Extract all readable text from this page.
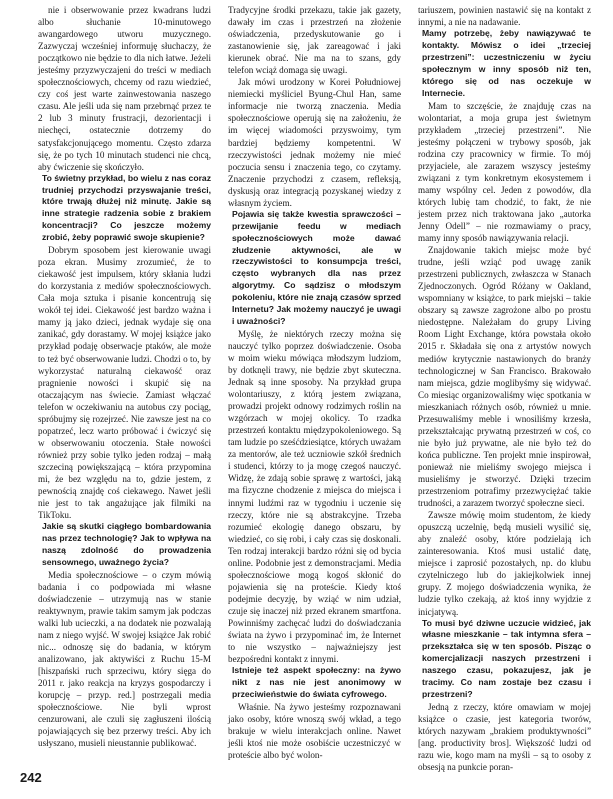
nie i obserwowanie przez kwadrans ludzi albo słuchanie 10-minutowego awangardowego utworu muzycznego. Zazwyczaj wcześniej informuję słuchaczy, że początkowo nie będzie to dla nich łatwe. Jeżeli jesteśmy przyzwyczajeni do treści w mediach społecznościowych, chcemy od razu wiedzieć, czy coś jest warte zainwestowania naszego czasu. Ale jeśli uda się nam przebrnąć przez te 2 lub 3 minuty frustracji, dezorientacji i niechęci, ostatecznie dotrzemy do satysfakcjonującego momentu. Często zdarza się, że po tych 10 minutach studenci nie chcą, aby ćwiczenie się skończyło.

To świetny przykład, bo wielu z nas coraz trudniej przychodzi przyswajanie treści, które trwają dłużej niż minutę. Jakie są inne strategie radzenia sobie z brakiem koncentracji? Co jeszcze możemy zrobić, żeby poprawić swoje skupienie?

Dobrym sposobem jest kierowanie uwagi poza ekran. Musimy zrozumieć, że to ciekawość jest impulsem, który skłania ludzi do korzystania z mediów społecznościowych. Cała moja sztuka i pisanie koncentrują się wokół tej idei. Ciekawość jest bardzo ważna i mamy ją jako dzieci, jednak wydaje się ona zanikać, gdy dorastamy. W mojej książce jako przykład podaję obserwacje ptaków, ale może to też być obserwowanie ludzi. Chodzi o to, by wykorzystać naturalną ciekawość oraz pragnienie nowości i skupić się na otaczającym nas świecie. Zamiast włączać telefon w oczekiwaniu na autobus czy pociąg, spróbujmy się rozejrzeć. Nie zawsze jest na co popatrzeć, lecz warto próbować i ćwiczyć się w obserwowaniu otoczenia. Stałe nowości również przy sobie tylko jeden rodzaj – małą szczeciną powiększającą – która przypomina mi, że bez względu na to, gdzie jestem, z pewnością znajdę coś ciekawego. Nawet jeśli nie jest to tak angażujące jak filmiki na TikToku.

Jakie są skutki ciągłego bombardowania nas przez technologię? Jak to wpływa na naszą zdolność do prowadzenia sensownego, uważnego życia?

Media społecznościowe – o czym mówią badania i co podpowiada mi własne doświadczenie – utrzymują nas w stanie reaktywnym, prawie takim samym jak podczas walki lub ucieczki, a na dodatek nie pozwalają nam z niego wyjść. W swojej książce Jak robić nic... odnoszę się do badania, w którym analizowano, jak aktywiści z Ruchu 15-M [hiszpański ruch sprzeciwu, który sięga do 2011 r. jako reakcja na kryzys gospodarczy i korupcję – przyp. red.] postrzegali media społecznościowe. Nie byli wprost cenzurowani, ale czuli się zagłuszeni ilością pojawiających się bez przerwy treści. Aby ich usłyszano, musieli nieustannie publikować.

Tradycyjne środki przekazu, takie jak gazety, dawały im czas i przestrzeń na złożenie oświadczenia, przedyskutowanie go i zastanowienie się, jak zareagować i jaki kierunek obrać. Nie ma na to szans, gdy telefon wciąż domaga się uwagi.

Jak mówi urodzony w Korei Południowej niemiecki myśliciel Byung-Chul Han, same informacje nie tworzą znaczenia. Media społecznościowe operują się na założeniu, że im więcej wiadomości przyswoimy, tym bardziej będziemy kompetentni. W rzeczywistości jednak możemy nie mieć poczucia sensu i znaczenia tego, co czytamy. Znaczenie przychodzi z czasem, refleksją, dyskusją oraz integracją pozyskanej wiedzy z własnym życiem.

Pojawia się także kwestia sprawczości – przewijanie feedu w mediach społecznościowych może dawać złudzenie aktywności, ale w rzeczywistości to konsumpcja treści, często wybranych dla nas przez algorytmy. Co sądzisz o młodszym pokoleniu, które nie znają czasów sprzed Internetu? Jak możemy nauczyć je uwagi i uważności?

Myślę, że niektórych rzeczy można się nauczyć tylko poprzez doświadczenie. Osoba w moim wieku mówiąca młodszym ludziom, by dotknęli trawy, nie będzie zbyt skuteczna. Jednak są inne sposoby. Na przykład grupa wolontariuszy, z którą jestem związana, prowadzi projekt odnowy rodzimych roślin na wzgórzach w mojej okolicy. To rzadka przestrzeń kontaktu międzypokoleniowego. Są tam ludzie po sześćdziesiątce, których uważam za mentorów, ale też uczniowie szkół średnich i studenci, którzy to ja mogę czegoś nauczyć. Widzę, że zdają sobie sprawę z wartości, jaką ma fizyczne chodzenie z miejsca do miejsca i innymi ludźmi raz w tygodniu i uczenie się rzeczy, które nie są abstrakcyjne. Trzeba rozumieć ekologię danego obszaru, by wiedzieć, co się robi, i cały czas się doskonali. Ten rodzaj interakcji bardzo różni się od bycia online. Podobnie jest z demonstracjami. Media społecznościowe mogą kogoś skłonić do pojawienia się na proteście. Kiedy ktoś podejmie decyzję, by wziąć w nim udział, czuje się inaczej niż przed ekranem smartfona. Powinniśmy zachęcać ludzi do doświadczania świata na żywo i przypominać im, że Internet to nie wszystko – najważniejszy jest bezpośredni kontakt z innymi.

Istnieje też aspekt społeczny: na żywo nikt z nas nie jest anonimowy w przeciwieństwie do świata cyfrowego.

Właśnie. Na żywo jesteśmy rozpoznawani jako osoby, które wnoszą swój wkład, a tego brakuje w wielu interakcjach online. Nawet jeśli ktoś nie może osobiście uczestniczyć w proteście albo być wolon-

tariuszem, powinien nastawić się na kontakt z innymi, a nie na nadawanie.

Mamy potrzebę, żeby nawiązywać te kontakty. Mówisz o idei „trzeciej przestrzeni”: uczestniczeniu w życiu społecznym w inny sposób niż ten, którego się od nas oczekuje w Internecie.

Mam to szczęście, że znajduję czas na wolontariat, a moja grupa jest świetnym przykładem „trzeciej przestrzeni”. Nie jesteśmy połączeni w trybowy sposób, jak rodzina czy pracownicy w firmie. To mój przyjaciele, ale zarazem wszyscy jesteśmy związani z tym konkretnym ekosystemem i mamy wspólny cel. Jeden z powodów, dla których lubię tam chodzić, to fakt, że nie jestem przez nich traktowana jako „autorka Jenny Odell” – nie rozmawiamy o pracy, mamy inny sposób nawiązywania relacji.

Znajdowanie takich miejsc może być trudne, jeśli wziąć pod uwagę zanik przestrzeni publicznych, zwłaszcza w Stanach Zjednoczonych. Ogród Różany w Oakland, wspomniany w książce, to park miejski – takie obszary są zawsze zagrożone albo po prostu niedostępne. Należałam do grupy Living Room Light Exchange, która powstała około 2015 r. Składała się ona z artystów nowych mediów krytycznie nastawionych do branży technologicznej w San Francisco. Brakowało nam miejsca, gdzie moglibyśmy się widywać. Co miesiąc organizowaliśmy więc spotkania w mieszkaniach różnych osób, również u mnie. Przesuwaliśmy meble i wnosiliśmy krzesła, przekształcając prywatną przestrzeń w coś, co nie było już prywatne, ale nie było też do końca publiczne. Ten projekt mnie inspirował, ponieważ nie mieliśmy swojego miejsca i musieliśmy je stworzyć. Dzięki trzecim przestrzeniom potrafimy przezwyciężać takie trudności, a zarazem tworzyć społeczne sieci.

Zawsze mówię moim studentom, że kiedy opuszczą uczelnię, będą musieli wysilić się, aby znaleźć osoby, które podzielają ich zainteresowania. Ktoś musi ustalić datę, miejsce i zaprosić pozostałych, np. do klubu czytelniczego lub do jakiejkolwiek innej grupy. Z mojego doświadczenia wynika, że ludzie tylko czekają, aż ktoś inny wyjdzie z inicjatywą.

To musi być dziwne uczucie widzieć, jak własne mieszkanie – tak intymna sfera – przekształca się w ten sposób. Pisząc o komercjalizacji naszych przestrzeni i naszego czasu, pokazujesz, jak je tracimy. Co nam zostaje bez czasu i przestrzeni?

Jedną z rzeczy, które omawiam w mojej książce o czasie, jest kategoria tworów, których nazywam „brakiem produktywności” [ang. productivity bros]. Większość ludzi od razu wie, kogo mam na myśli – są to osoby z obsesją na punkcie poran-

242
